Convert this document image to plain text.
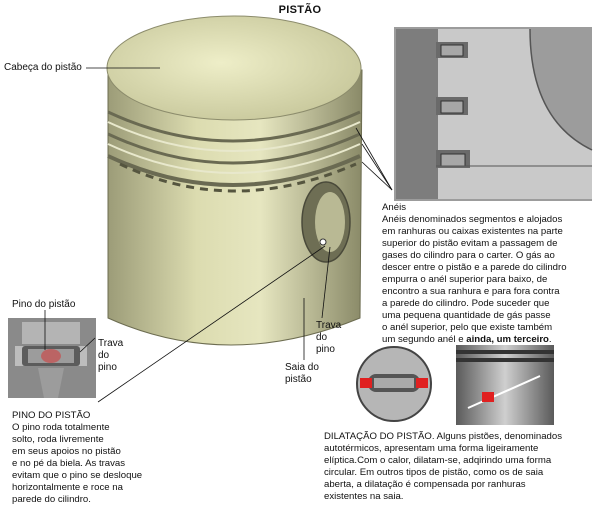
PISTÃO
Cabeça do pistão
Pino do pistão
Trava
do
pino
Trava
do
pino
Saia do
pistão
Anéis
Anéis denominados segmentos e alojados
em ranhuras ou caixas existentes na parte
superior do pistão evitam a passagem de
gases do cilindro para o carter. O gás ao
descer entre o pistão e a parede do cilindro
empurra o anél superior para baixo, de
encontro a sua ranhura e para fora contra
a parede do cilindro. Pode suceder que
uma pequena quantidade de gás passe
o anél superior, pelo que existe também
um segundo anél e ainda, um terceiro.
PINO DO PISTÃO
O pino roda totalmente
solto, roda livremente
em seus apoios no pistão
e no pé da biela. As travas
evitam que o pino se desloque
horizontalmente e roce na
parede do cilindro.
DILATAÇÃO DO PISTÃO. Alguns pistões, denominados
autotérmicos, apresentam uma forma ligeiramente
elíptica.Com o calor, dilatam-se, adqirindo uma forma
circular. Em outros tipos de pistão, como os de saia
aberta, a dilatação é compensada por ranhuras
existentes na saia.
